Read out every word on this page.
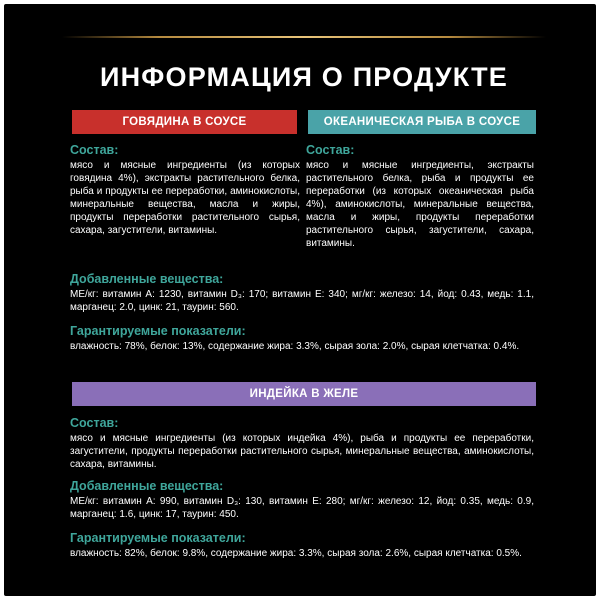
ИНФОРМАЦИЯ О ПРОДУКТЕ
ГОВЯДИНА В СОУСЕ	ОКЕАНИЧЕСКАЯ РЫБА В СОУСЕ
Состав:
мясо и мясные ингредиенты (из которых говядина 4%), экстракты растительного белка, рыба и продукты ее переработки, аминокислоты, минеральные вещества, масла и жиры, продукты переработки растительного сырья, сахара, загустители, витамины.
Состав:
мясо и мясные ингредиенты, экстракты растительного белка, рыба и продукты ее переработки (из которых океаническая рыба 4%), аминокислоты, минеральные вещества, масла и жиры, продукты переработки растительного сырья, загустители, сахара, витамины.
Добавленные вещества:
МЕ/кг: витамин А: 1230, витамин D₃: 170; витамин Е: 340; мг/кг: железо: 14, йод: 0.43, медь: 1.1, марганец: 2.0, цинк: 21, таурин: 560.
Гарантируемые показатели:
влажность: 78%, белок: 13%, содержание жира: 3.3%, сырая зола: 2.0%, сырая клетчатка: 0.4%.
ИНДЕЙКА В ЖЕЛЕ
Состав:
мясо и мясные ингредиенты (из которых индейка 4%), рыба и продукты ее переработки, загустители, продукты переработки растительного сырья, минеральные вещества, аминокислоты, сахара, витамины.
Добавленные вещества:
МЕ/кг: витамин А: 990, витамин D₃: 130, витамин Е: 280; мг/кг: железо: 12, йод: 0.35, медь: 0.9, марганец: 1.6, цинк: 17, таурин: 450.
Гарантируемые показатели:
влажность: 82%, белок: 9.8%, содержание жира: 3.3%, сырая зола: 2.6%, сырая клетчатка: 0.5%.
